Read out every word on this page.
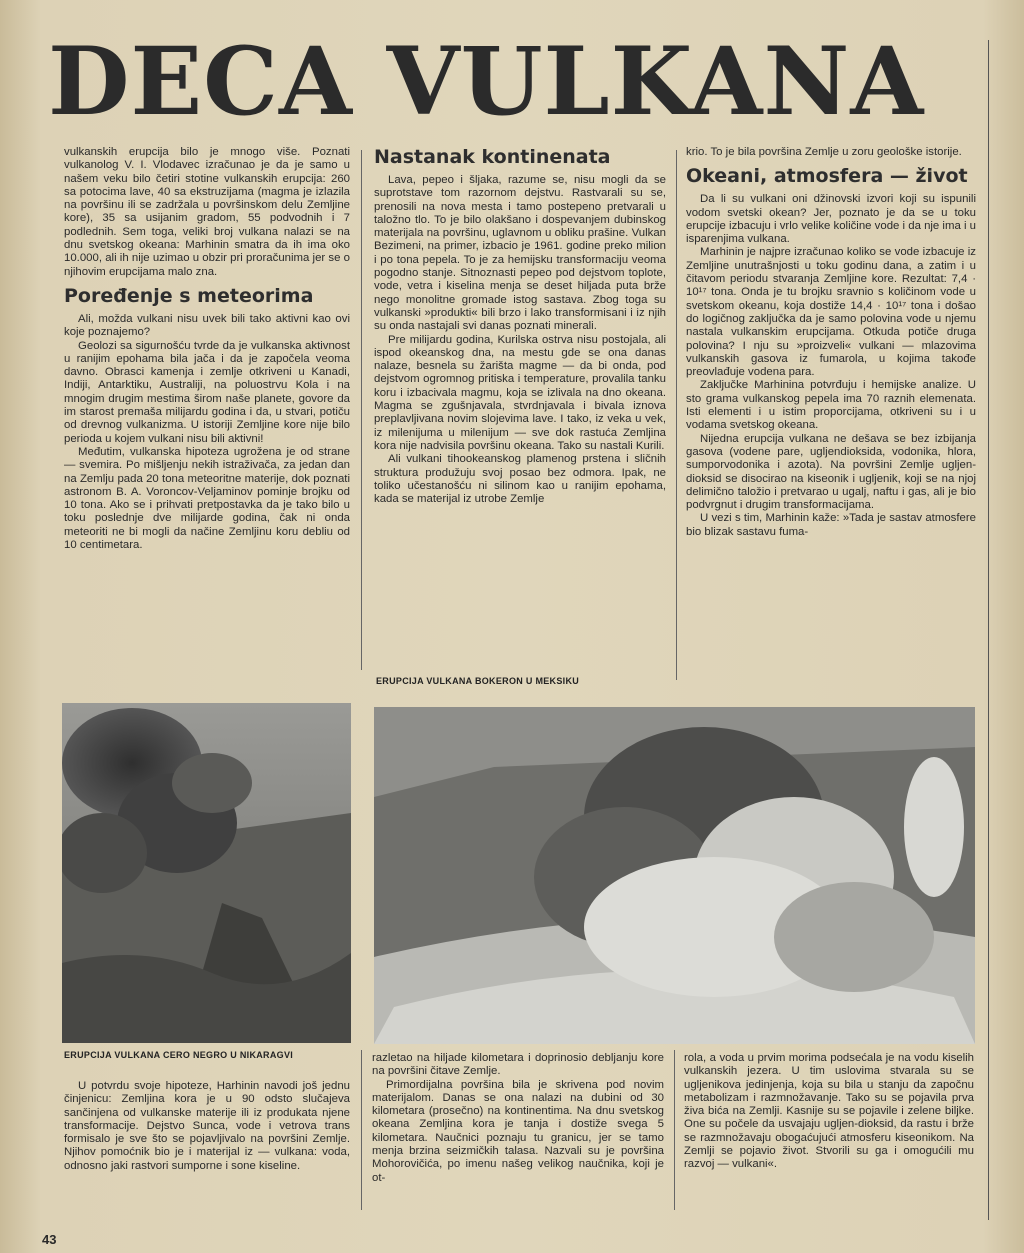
DECA VULKANA

vulkanskih erupcija bilo je mnogo više. Poznati vulkanolog V. I. Vlodavec izračunao je da je samo u našem veku bilo četiri stotine vulkanskih erupcija: 260 sa potocima lave, 40 sa ekstruzijama (magma je izlazila na površinu ili se zadržala u površinskom delu Zemljine kore), 35 sa usijanim gradom, 55 podvodnih i 7 podlednih. Sem toga, veliki broj vulkana nalazi se na dnu svetskog okeana: Marhinin smatra da ih ima oko 10.000, ali ih nije uzimao u obzir pri proračunima jer se o njihovim erupcijama malo zna.

Poređenje s meteorima

Ali, možda vulkani nisu uvek bili tako aktivni kao ovi koje poznajemo?

Geolozi sa sigurnošću tvrde da je vulkanska aktivnost u ranijim epohama bila jača i da je započela veoma davno. Obrasci kamenja i zemlje otkriveni u Kanadi, Indiji, Antarktiku, Australiji, na poluostrvu Kola i na mnogim drugim mestima širom naše planete, govore da im starost premaša milijardu godina i da, u stvari, potiču od drevnog vulkanizma. U istoriji Zemljine kore nije bilo perioda u kojem vulkani nisu bili aktivni!

Međutim, vulkanska hipoteza ugrožena je od strane — svemira. Po mišljenju nekih istraživača, za jedan dan na Zemlju pada 20 tona meteoritne materije, dok poznati astronom B. A. Voroncov-Veljaminov pominje brojku od 10 tona. Ako se i prihvati pretpostavka da je tako bilo u toku poslednje dve milijarde godina, čak ni onda meteoriti ne bi mogli da načine Zemljinu koru debliu od 10 centimetara.

Nastanak kontinenata

Lava, pepeo i šljaka, razume se, nisu mogli da se suprotstave tom razornom dejstvu. Rastvarali su se, prenosili na nova mesta i tamo postepeno pretvarali u taložno tlo. To je bilo olakšano i dospevanjem dubinskog materijala na površinu, uglavnom u obliku prašine. Vulkan Bezimeni, na primer, izbacio je 1961. godine preko milion i po tona pepela. To je za hemijsku transformaciju veoma pogodno stanje. Sitnoznasti pepeo pod dejstvom toplote, vode, vetra i kiselina menja se deset hiljada puta brže nego monolitne gromade istog sastava. Zbog toga su vulkanski »produkti« bili brzo i lako transformisani i iz njih su onda nastajali svi danas poznati minerali.

Pre milijardu godina, Kurilska ostrva nisu postojala, ali ispod okeanskog dna, na mestu gde se ona danas nalaze, besnela su žarišta magme — da bi onda, pod dejstvom ogromnog pritiska i temperature, provalila tanku koru i izbacivala magmu, koja se izlivala na dno okeana. Magma se zgušnjavala, stvrdnjavala i bivala iznova preplavljivana novim slojevima lave. I tako, iz veka u vek, iz milenijuma u milenijum — sve dok rastuća Zemljina kora nije nadvisila površinu okeana. Tako su nastali Kurili.

Ali vulkani tihookeanskog plamenog prstena i sličnih struktura produžuju svoj posao bez odmora. Ipak, ne toliko učestanošću ni silinom kao u ranijim epohama, kada se materijal iz utrobe Zemlje

krio. To je bila površina Zemlje u zoru geološke istorije.

Okeani, atmosfera — život

Da li su vulkani oni džinovski izvori koji su ispunili vodom svetski okean? Jer, poznato je da se u toku erupcije izbacuju i vrlo velike količine vode i da nje ima i u isparenjima vulkana.

Marhinin je najpre izračunao koliko se vode izbacuje iz Zemljine unutrašnjosti u toku godinu dana, a zatim i u čitavom periodu stvaranja Zemljine kore. Rezultat: 7,4 · 10¹⁷ tona. Onda je tu brojku sravnio s količinom vode u svetskom okeanu, koja dostiže 14,4 · 10¹⁷ tona i došao do logičnog zaključka da je samo polovina vode u njemu nastala vulkanskim erupcijama. Otkuda potiče druga polovina? I nju su »proizveli« vulkani — mlazovima vulkanskih gasova iz fumarola, u kojima takođe preovlađuje vodena para.

Zaključke Marhinina potvrđuju i hemijske analize. U sto grama vulkanskog pepela ima 70 raznih elemenata. Isti elementi i u istim proporcijama, otkriveni su i u vodama svetskog okeana.

Nijedna erupcija vulkana ne dešava se bez izbijanja gasova (vodene pare, ugljendioksida, vodonika, hlora, sumporvodonika i azota). Na površini Zemlje ugljen-dioksid se disocirao na kiseonik i ugljenik, koji se na njoj delimično taložio i pretvarao u ugalj, naftu i gas, ali je bio podvrgnut i drugim transformacijama.

U vezi s tim, Marhinin kaže: »Tada je sastav atmosfere bio blizak sastavu fuma-

ERUPCIJA VULKANA BOKERON U MEKSIKU
ERUPCIJA VULKANA CERO NEGRO U NIKARAGVI

U potvrdu svoje hipoteze, Harhinin navodi još jednu činjenicu: Zemljina kora je u 90 odsto slučajeva sančinjena od vulkanske materije ili iz produkata njene transformacije. Dejstvo Sunca, vode i vetrova trans formisalo je sve što se pojavljivalo na površini Zemlje. Njihov pomoćnik bio je i materijal iz — vulkana: voda, odnosno jaki rastvori sumporne i sone kiseline.

razletao na hiljade kilometara i doprinosio debljanju kore na površini čitave Zemlje.

Primordijalna površina bila je skrivena pod novim materijalom. Danas se ona nalazi na dubini od 30 kilometara (prosečno) na kontinentima. Na dnu svetskog okeana Zemljina kora je tanja i dostiže svega 5 kilometara. Naučnici poznaju tu granicu, jer se tamo menja brzina seizmičkih talasa. Nazvali su je površina Mohorovičića, po imenu našeg velikog naučnika, koji je ot-

rola, a voda u prvim morima podsećala je na vodu kiselih vulkanskih jezera. U tim uslovima stvarala su se ugljenikova jedinjenja, koja su bila u stanju da započnu metabolizam i razmnožavanje. Tako su se pojavila prva živa bića na Zemlji. Kasnije su se pojavile i zelene biljke. One su počele da usvajaju ugljen-dioksid, da rastu i brže se razmnožavaju obogaćujući atmosferu kiseonikom. Na Zemlji se pojavio život. Stvorili su ga i omogućili mu razvoj — vulkani«.

43
